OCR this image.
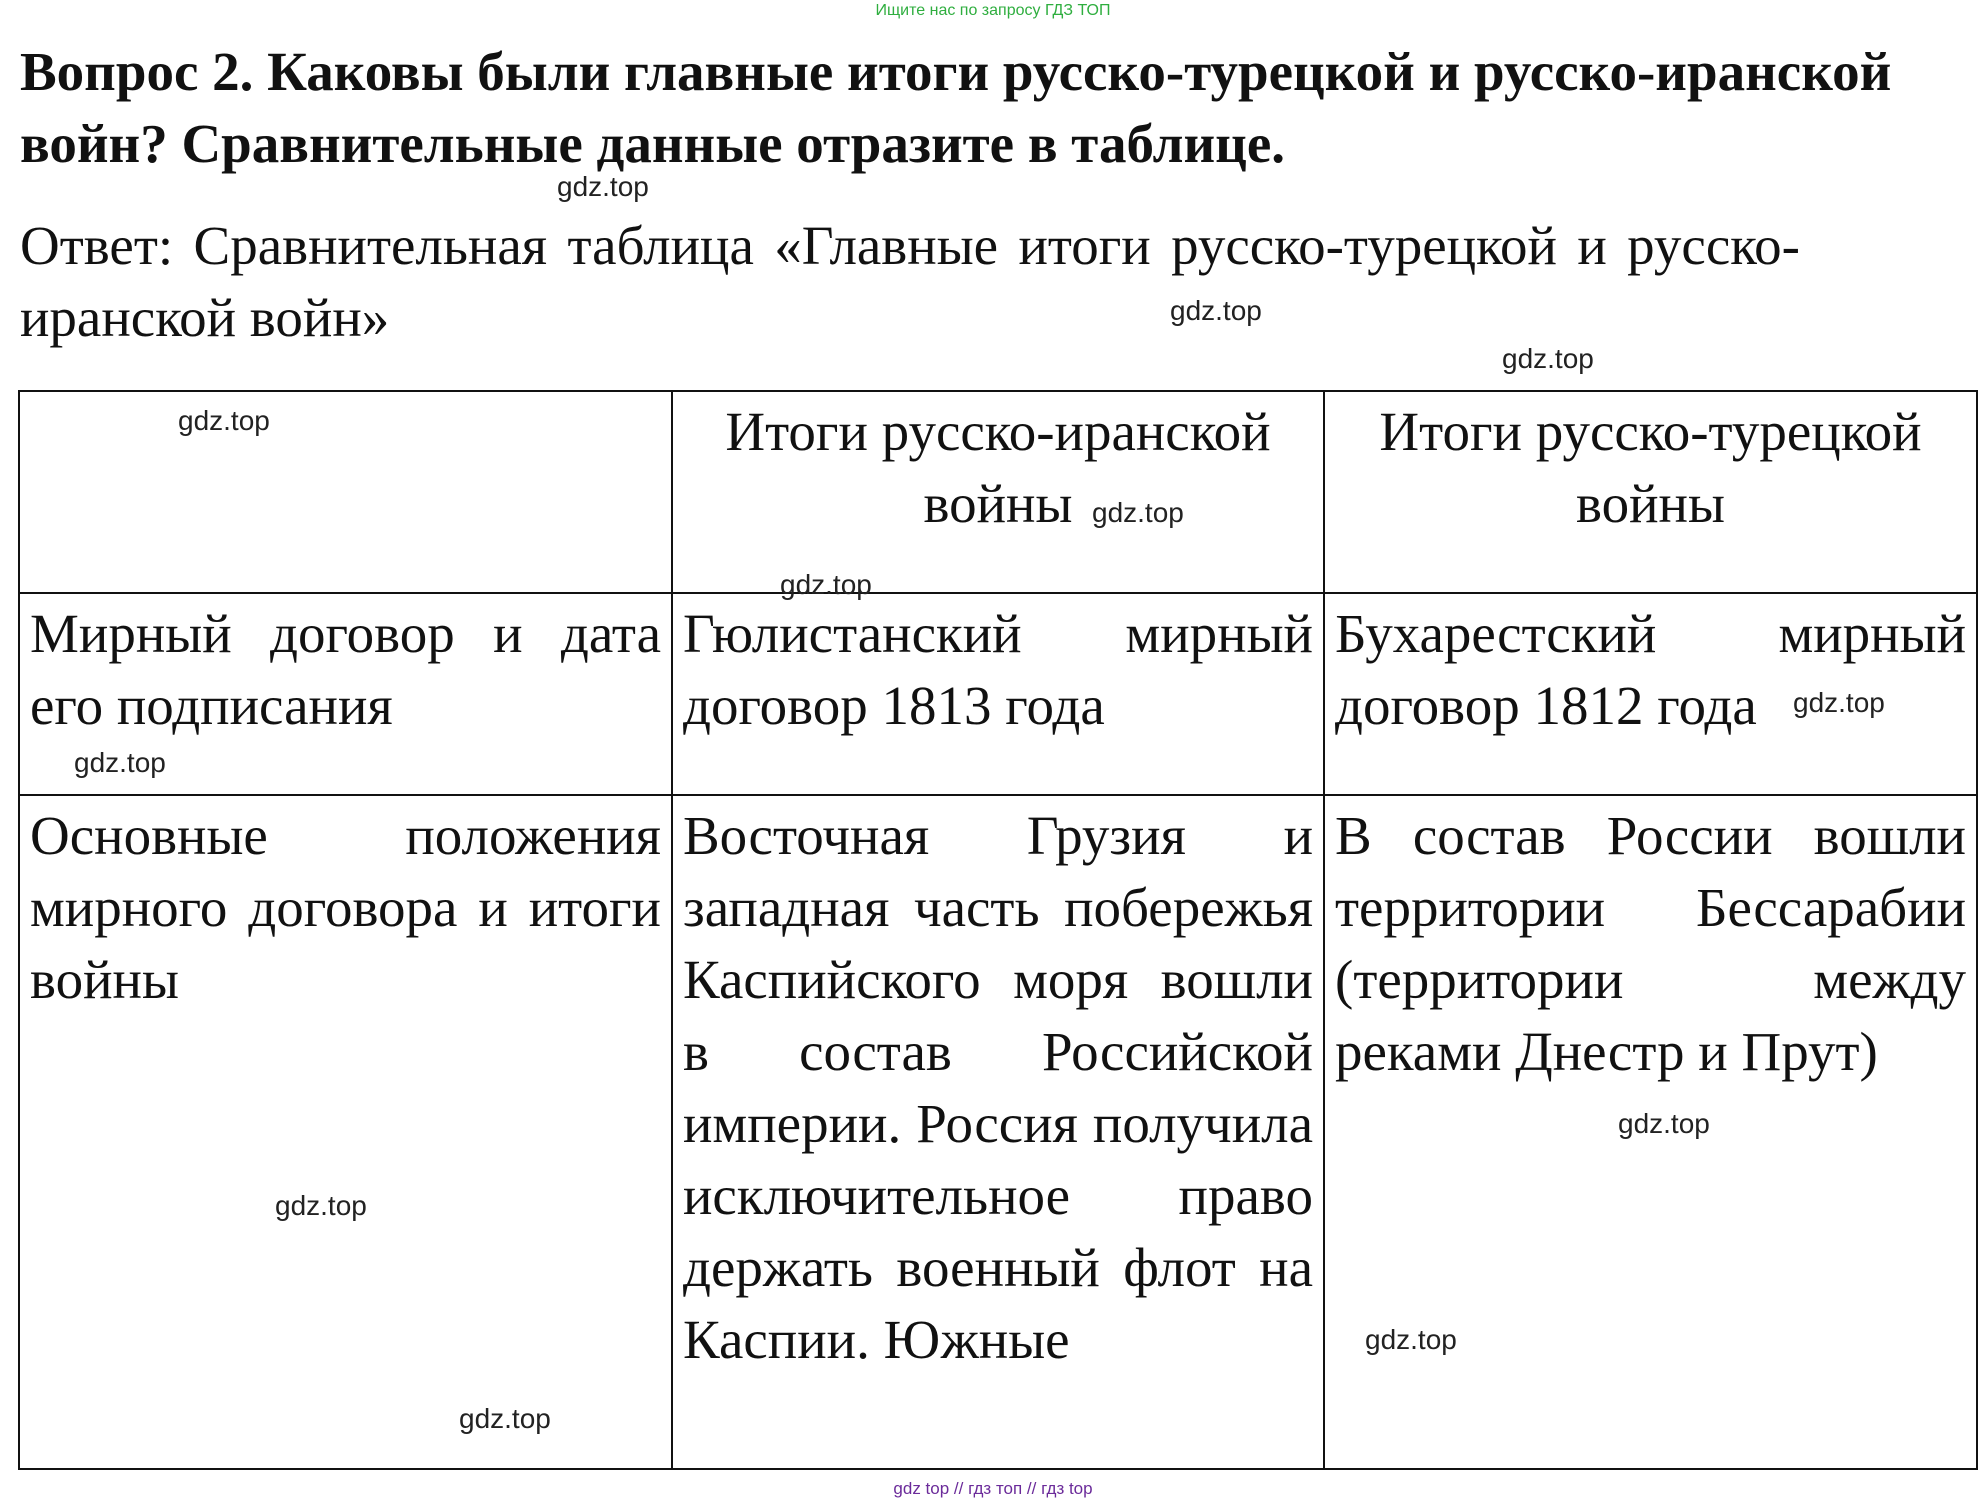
Ищите нас по запросу ГДЗ ТОП

Вопрос 2. Каковы были главные итоги русско-турецкой и русско-иранской войн? Сравнительные данные отразите в таблице.

Ответ: Сравнительная таблица «Главные итоги русско-турецкой и русско-иранской войн»

	Итоги русско-иранской войны	Итоги русско-турецкой войны
Мирный договор и дата его подписания	Гюлистанский мирный договор 1813 года	Бухарестский мирный договор 1812 года
Основные положения мирного договора и итоги войны	Восточная Грузия и западная часть побережья Каспийского моря вошли в состав Российской империи. Россия получила исключительное право держать военный флот на Каспии. Южные	В состав России вошли территории Бессарабии (территории между реками Днестр и Прут)
gdz.top
gdz.top
gdz.top
gdz.top
gdz.top
gdz.top
gdz.top
gdz.top
gdz.top
gdz.top
gdz.top
gdz.top
gdz top // гдз топ // гдз top
